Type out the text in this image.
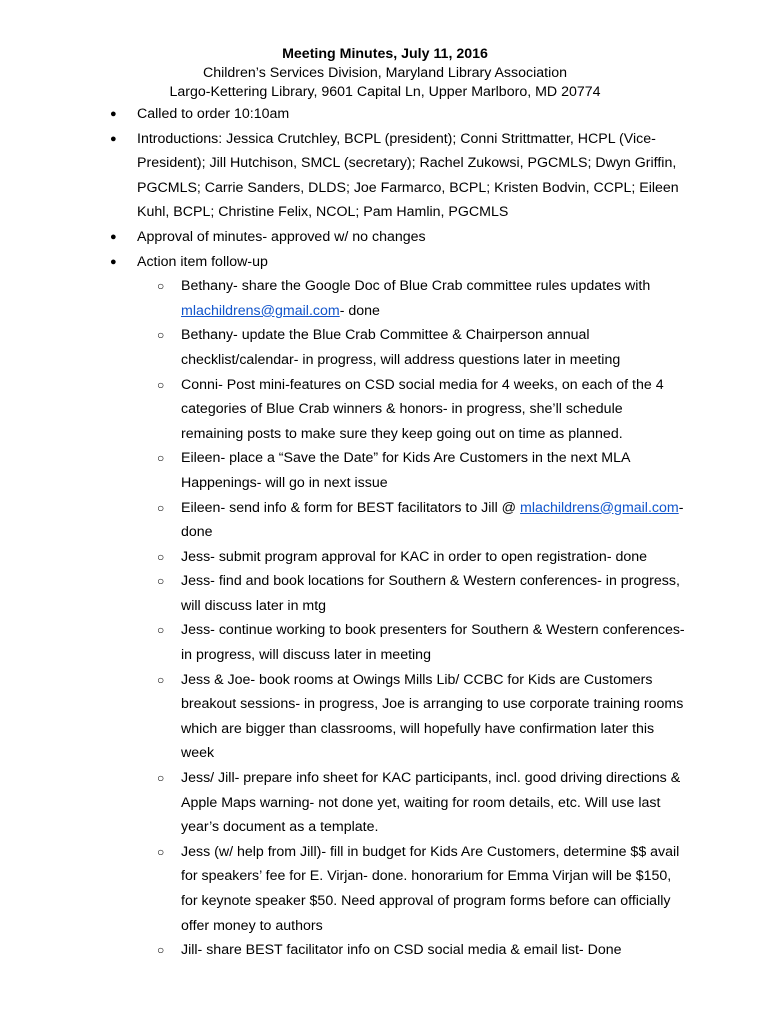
Meeting Minutes, July 11, 2016
Children’s Services Division, Maryland Library Association
Largo-Kettering Library, 9601 Capital Ln, Upper Marlboro, MD 20774
● Called to order 10:10am
● Introductions: Jessica Crutchley, BCPL (president); Conni Strittmatter, HCPL (Vice-President); Jill Hutchison, SMCL (secretary); Rachel Zukowsi, PGCMLS; Dwyn Griffin, PGCMLS; Carrie Sanders, DLDS; Joe Farmarco, BCPL; Kristen Bodvin, CCPL; Eileen Kuhl, BCPL; Christine Felix, NCOL; Pam Hamlin, PGCMLS
● Approval of minutes- approved w/ no changes
● Action item follow-up
○ Bethany- share the Google Doc of Blue Crab committee rules updates with mlachildrens@gmail.com- done
○ Bethany- update the Blue Crab Committee & Chairperson annual checklist/calendar- in progress, will address questions later in meeting
○ Conni- Post mini-features on CSD social media for 4 weeks, on each of the 4 categories of Blue Crab winners & honors- in progress, she’ll schedule remaining posts to make sure they keep going out on time as planned.
○ Eileen- place a “Save the Date” for Kids Are Customers in the next MLA Happenings- will go in next issue
○ Eileen- send info & form for BEST facilitators to Jill @ mlachildrens@gmail.com- done
○ Jess- submit program approval for KAC in order to open registration- done
○ Jess- find and book locations for Southern & Western conferences- in progress, will discuss later in mtg
○ Jess- continue working to book presenters for Southern & Western conferences- in progress, will discuss later in meeting
○ Jess & Joe- book rooms at Owings Mills Lib/ CCBC for Kids are Customers breakout sessions- in progress, Joe is arranging to use corporate training rooms which are bigger than classrooms, will hopefully have confirmation later this week
○ Jess/ Jill- prepare info sheet for KAC participants, incl. good driving directions & Apple Maps warning- not done yet, waiting for room details, etc. Will use last year’s document as a template.
○ Jess (w/ help from Jill)- fill in budget for Kids Are Customers, determine $$ avail for speakers’ fee for E. Virjan- done. honorarium for Emma Virjan will be $150, for keynote speaker $50. Need approval of program forms before can officially offer money to authors
○ Jill- share BEST facilitator info on CSD social media & email list- Done
